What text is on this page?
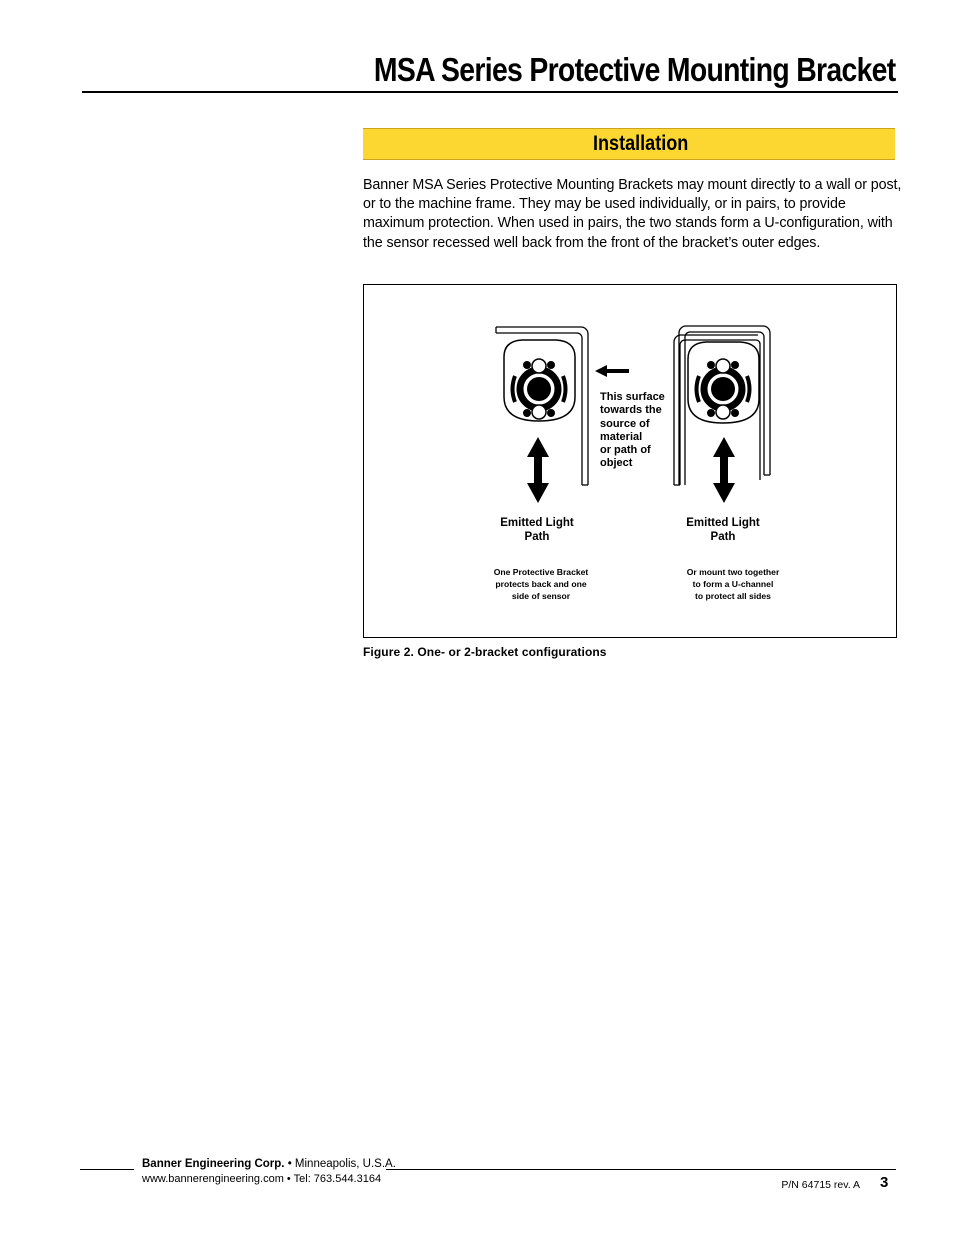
MSA Series Protective Mounting Bracket
Installation

Banner MSA Series Protective Mounting Brackets may mount directly to a wall or post, or to the machine frame. They may be used individually, or in pairs, to provide maximum protection. When used in pairs, the two stands form a U-configuration, with the sensor recessed well back from the front of the bracket’s outer edges.

This surface
towards the
source of
material
or path of
object
Emitted Light
Path
Emitted Light
Path
One Protective Bracket
protects back and one
side of sensor
Or mount two together
to form a U-channel
to protect all sides

Figure 2. One- or 2-bracket configurations

Banner Engineering Corp. • Minneapolis, U.S.A.
www.bannerengineering.com • Tel: 763.544.3164	P/N 64715 rev. A 3
